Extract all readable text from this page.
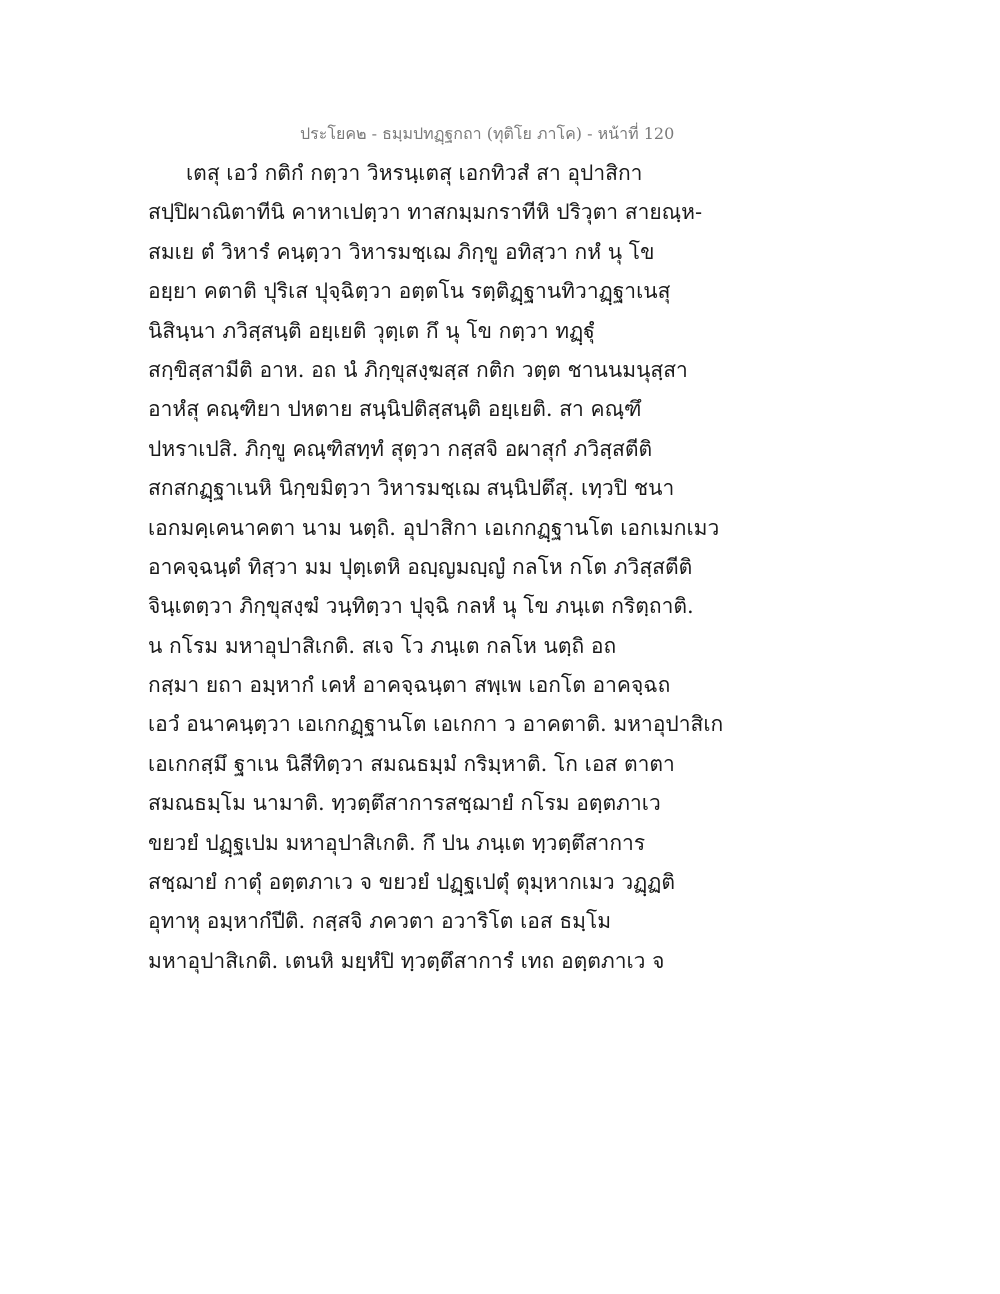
ประโยค๒ - ธมฺมปทฏฺฐกถา (ทุติโย ภาโค) - หน้าที่ 120
เตสุ เอวํ กติกํ กตฺวา วิหรนฺเตสุ เอกทิวสํ สา อุปาสิกา
สปฺปิผาณิตาทีนิ คาหาเปตฺวา ทาสกมฺมกราทีหิ ปริวุตา สายณฺห-
สมเย ตํ วิหารํ คนฺตฺวา วิหารมชฺเฌ ภิกฺขู อทิสฺวา กหํ นุ โข
อยฺยา คตาติ ปุริเส ปุจฺฉิตฺวา อตฺตโน รตฺติฏฺฐานทิวาฏฺฐาเนสุ
นิสินฺนา ภวิสฺสนฺติ อยฺเยติ วุตฺเต กึ นุ โข กตฺวา ทฏฺฐุํ
สกฺขิสฺสามีติ อาห. อถ นํ ภิกฺขุสงฺฆสฺส กติก วตฺต ชานนมนุสฺสา
อาหํสุ คณฺฑิยา ปหตาย สนฺนิปติสฺสนฺติ อยฺเยติ. สา คณฺฑึ
ปหราเปสิ. ภิกฺขู คณฺฑิสทฺทํ สุตฺวา กสฺสจิ อผาสุกํ ภวิสฺสตีติ
สกสกฏฺฐาเนหิ นิกฺขมิตฺวา วิหารมชฺเฌ สนฺนิปตึสุ. เทฺวปิ ชนา
เอกมคฺเคนาคตา นาม นตฺถิ. อุปาสิกา เอเกกฏฺฐานโต เอกเมกเมว
อาคจฺฉนฺตํ ทิสฺวา มม ปุตฺเตหิ อญฺญมญฺญํ กลโห กโต ภวิสฺสตีติ
จินฺเตตฺวา ภิกฺขุสงฺฆํ วนฺทิตฺวา ปุจฺฉิ กลหํ นุ โข ภนฺเต กริตฺถาติ.
น กโรม มหาอุปาสิเกติ. สเจ โว ภนฺเต กลโห นตฺถิ อถ
กสฺมา ยถา อมฺหากํ เคหํ อาคจฺฉนฺตา สพฺเพ เอกโต อาคจฺฉถ
เอวํ อนาคนฺตฺวา เอเกกฏฺฐานโต เอเกกา ว อาคตาติ. มหาอุปาสิเก
เอเกกสฺมึ ฐาเน นิสีทิตฺวา สมณธมฺมํ กริมฺหาติ. โก เอส ตาตา
สมณธมฺโม นามาติ. ทฺวตฺตึสาการสชฺฌายํ กโรม อตฺตภาเว
ขยวยํ ปฏฺฐเปม มหาอุปาสิเกติ. กึ ปน ภนฺเต ทฺวตฺตึสาการ
สชฺฌายํ กาตุํ อตฺตภาเว จ ขยวยํ ปฏฺฐเปตุํ ตุมฺหากเมว วฏฺฏติ
อุทาหุ อมฺหากํปีติ. กสฺสจิ ภควตา อวาริโต เอส ธมฺโม
มหาอุปาสิเกติ. เตนหิ มยฺหํปิ ทฺวตฺตึสาการํ เทถ อตฺตภาเว จ
